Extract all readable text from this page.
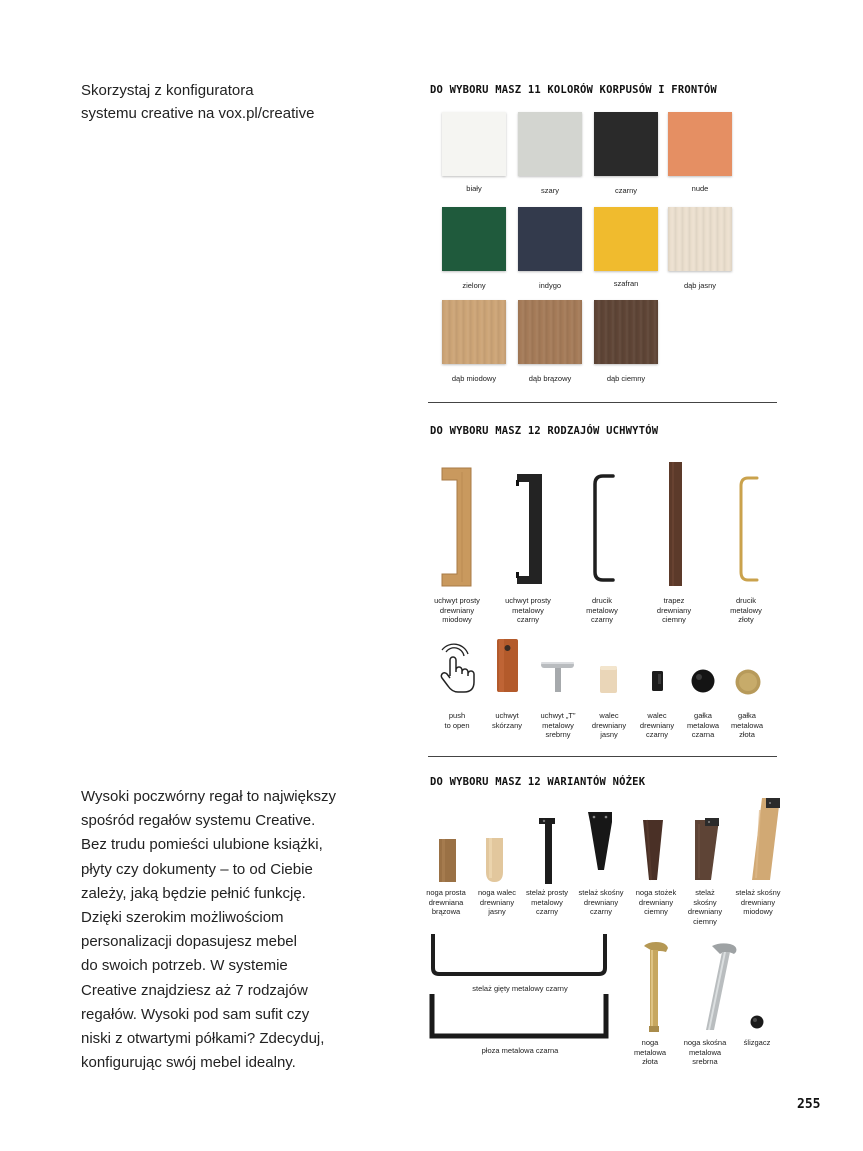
Skorzystaj z konfiguratora
systemu creative na vox.pl/creative
Wysoki poczwórny regał to największy
spośród regałów systemu Creative.
Bez trudu pomieści ulubione książki,
płyty czy dokumenty – to od Ciebie
zależy, jaką będzie pełnić funkcję.
Dzięki szerokim możliwościom
personalizacji dopasujesz mebel
do swoich potrzeb. W systemie
Creative znajdziesz aż 7 rodzajów
regałów. Wysoki pod sam sufit czy
niski z otwartymi półkami? Zdecyduj,
konfigurując swój mebel idealny.
DO WYBORU MASZ 11 KOLORÓW KORPUSÓW I FRONTÓW
biały	szary	czarny	nude
zielony	indygo	szafran	dąb jasny
dąb miodowy	dąb brązowy	dąb ciemny
DO WYBORU MASZ 12 RODZAJÓW UCHWYTÓW
uchwyt prosty
drewniany
miodowy
uchwyt prosty
metalowy
czarny
drucik
metalowy
czarny
trapez
drewniany
ciemny
drucik
metalowy
złoty
push
to open
uchwyt
skórzany
uchwyt „T”
metalowy
srebrny
walec
drewniany
jasny
walec
drewniany
czarny
gałka
metalowa
czarna
gałka
metalowa
złota
DO WYBORU MASZ 12 WARIANTÓW NÓŻEK
noga prosta
drewniana
brązowa
noga walec
drewniany
jasny
stelaż prosty
metalowy
czarny
stelaż skośny
drewniany
czarny
noga stożek
drewniany
ciemny
stelaż
skośny
drewniany
ciemny
stelaż skośny
drewniany
miodowy
stelaż gięty metalowy czarny
płoza metalowa czarna
noga
metalowa
złota
noga skośna
metalowa
srebrna
ślizgacz
255
